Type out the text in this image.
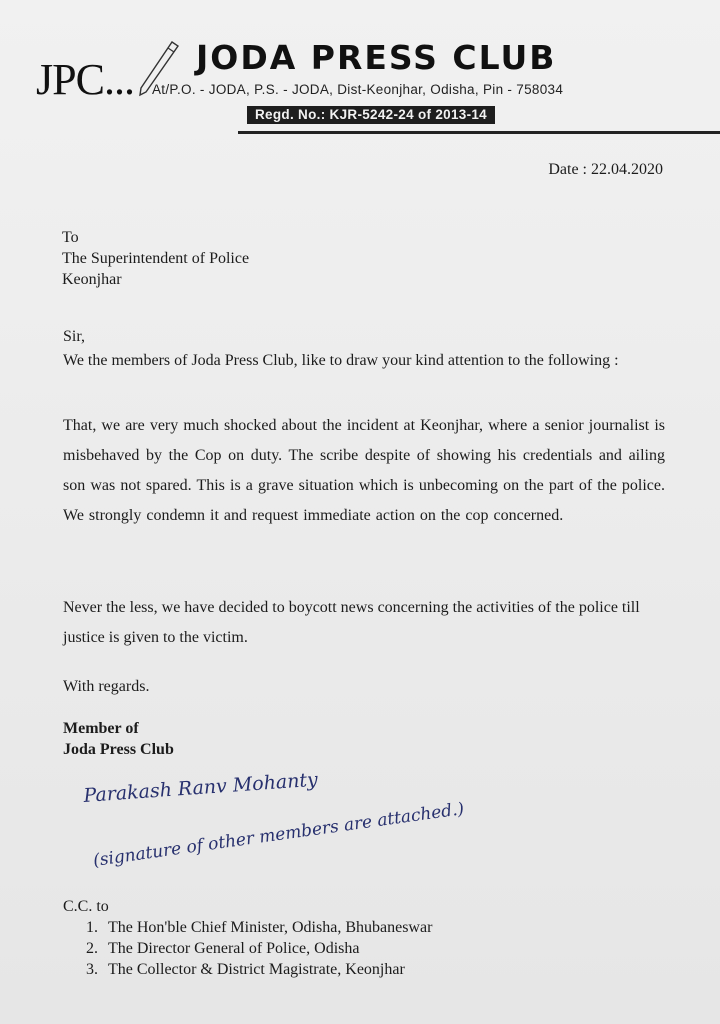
JPC... JODA PRESS CLUB
At/P.O. - JODA, P.S. - JODA, Dist-Keonjhar, Odisha, Pin - 758034
Regd. No.: KJR-5242-24 of 2013-14
Date : 22.04.2020
To
The Superintendent of Police
Keonjhar
Sir,
We the members of Joda Press Club, like to draw your kind attention to the following :
That, we are very much shocked about the incident at Keonjhar, where a senior journalist is misbehaved by the Cop on duty. The scribe despite of showing his credentials and ailing son was not spared. This is a grave situation which is unbecoming on the part of the police. We strongly condemn it and request immediate action on the cop concerned.
Never the less, we have decided to boycott news concerning the activities of the police till justice is given to the victim.
With regards.
Member of
Joda Press Club
Parakash Ranv Mohanty
(signature of other members are attached.)
C.C. to
1. The Hon'ble Chief Minister, Odisha, Bhubaneswar
2. The Director General of Police, Odisha
3. The Collector & District Magistrate, Keonjhar
